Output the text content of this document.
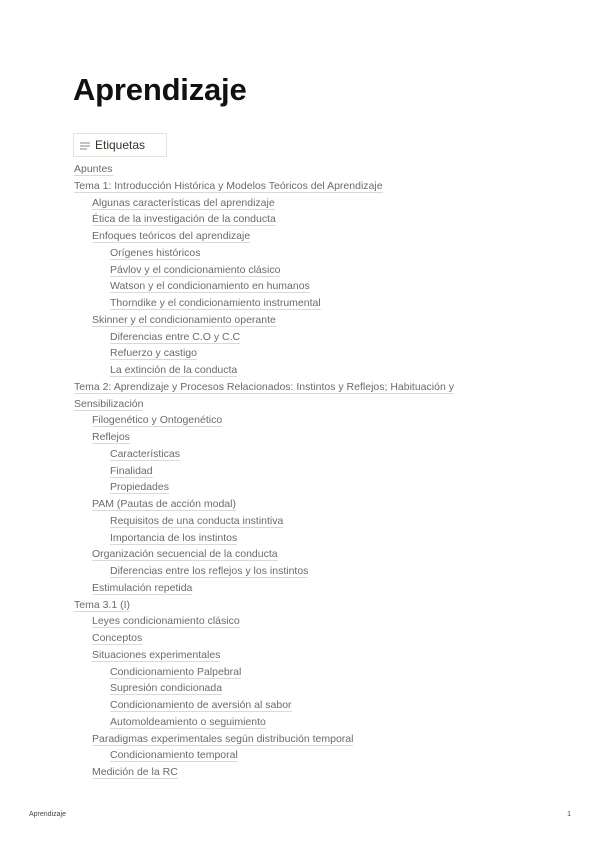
Aprendizaje
Etiquetas
Apuntes
Tema 1: Introducción Histórica y Modelos Teóricos del Aprendizaje
Algunas características del aprendizaje
Ética de la investigación de la conducta
Enfoques teóricos del aprendizaje
Orígenes históricos
Pávlov y el condicionamiento clásico
Watson y el condicionamiento en humanos
Thorndike y el condicionamiento instrumental
Skinner y el condicionamiento operante
Diferencias entre C.O y C.C
Refuerzo y castigo
La extinción de la conducta
Tema 2: Aprendizaje y Procesos Relacionados: Instintos y Reflejos; Habituación y Sensibilización
Filogenético y Ontogenético
Reflejos
Características
Finalidad
Propiedades
PAM (Pautas de acción modal)
Requisitos de una conducta instintiva
Importancia de los instintos
Organización secuencial de la conducta
Diferencias entre los reflejos y los instintos
Estimulación repetida
Tema 3.1 (I)
Leyes condicionamiento clásico
Conceptos
Situaciones experimentales
Condicionamiento Palpebral
Supresión condicionada
Condicionamiento de aversión al sabor
Automoldeamiento o seguimiento
Paradigmas experimentales según distribución temporal
Condicionamiento temporal
Medición de la RC
Aprendizaje	1
